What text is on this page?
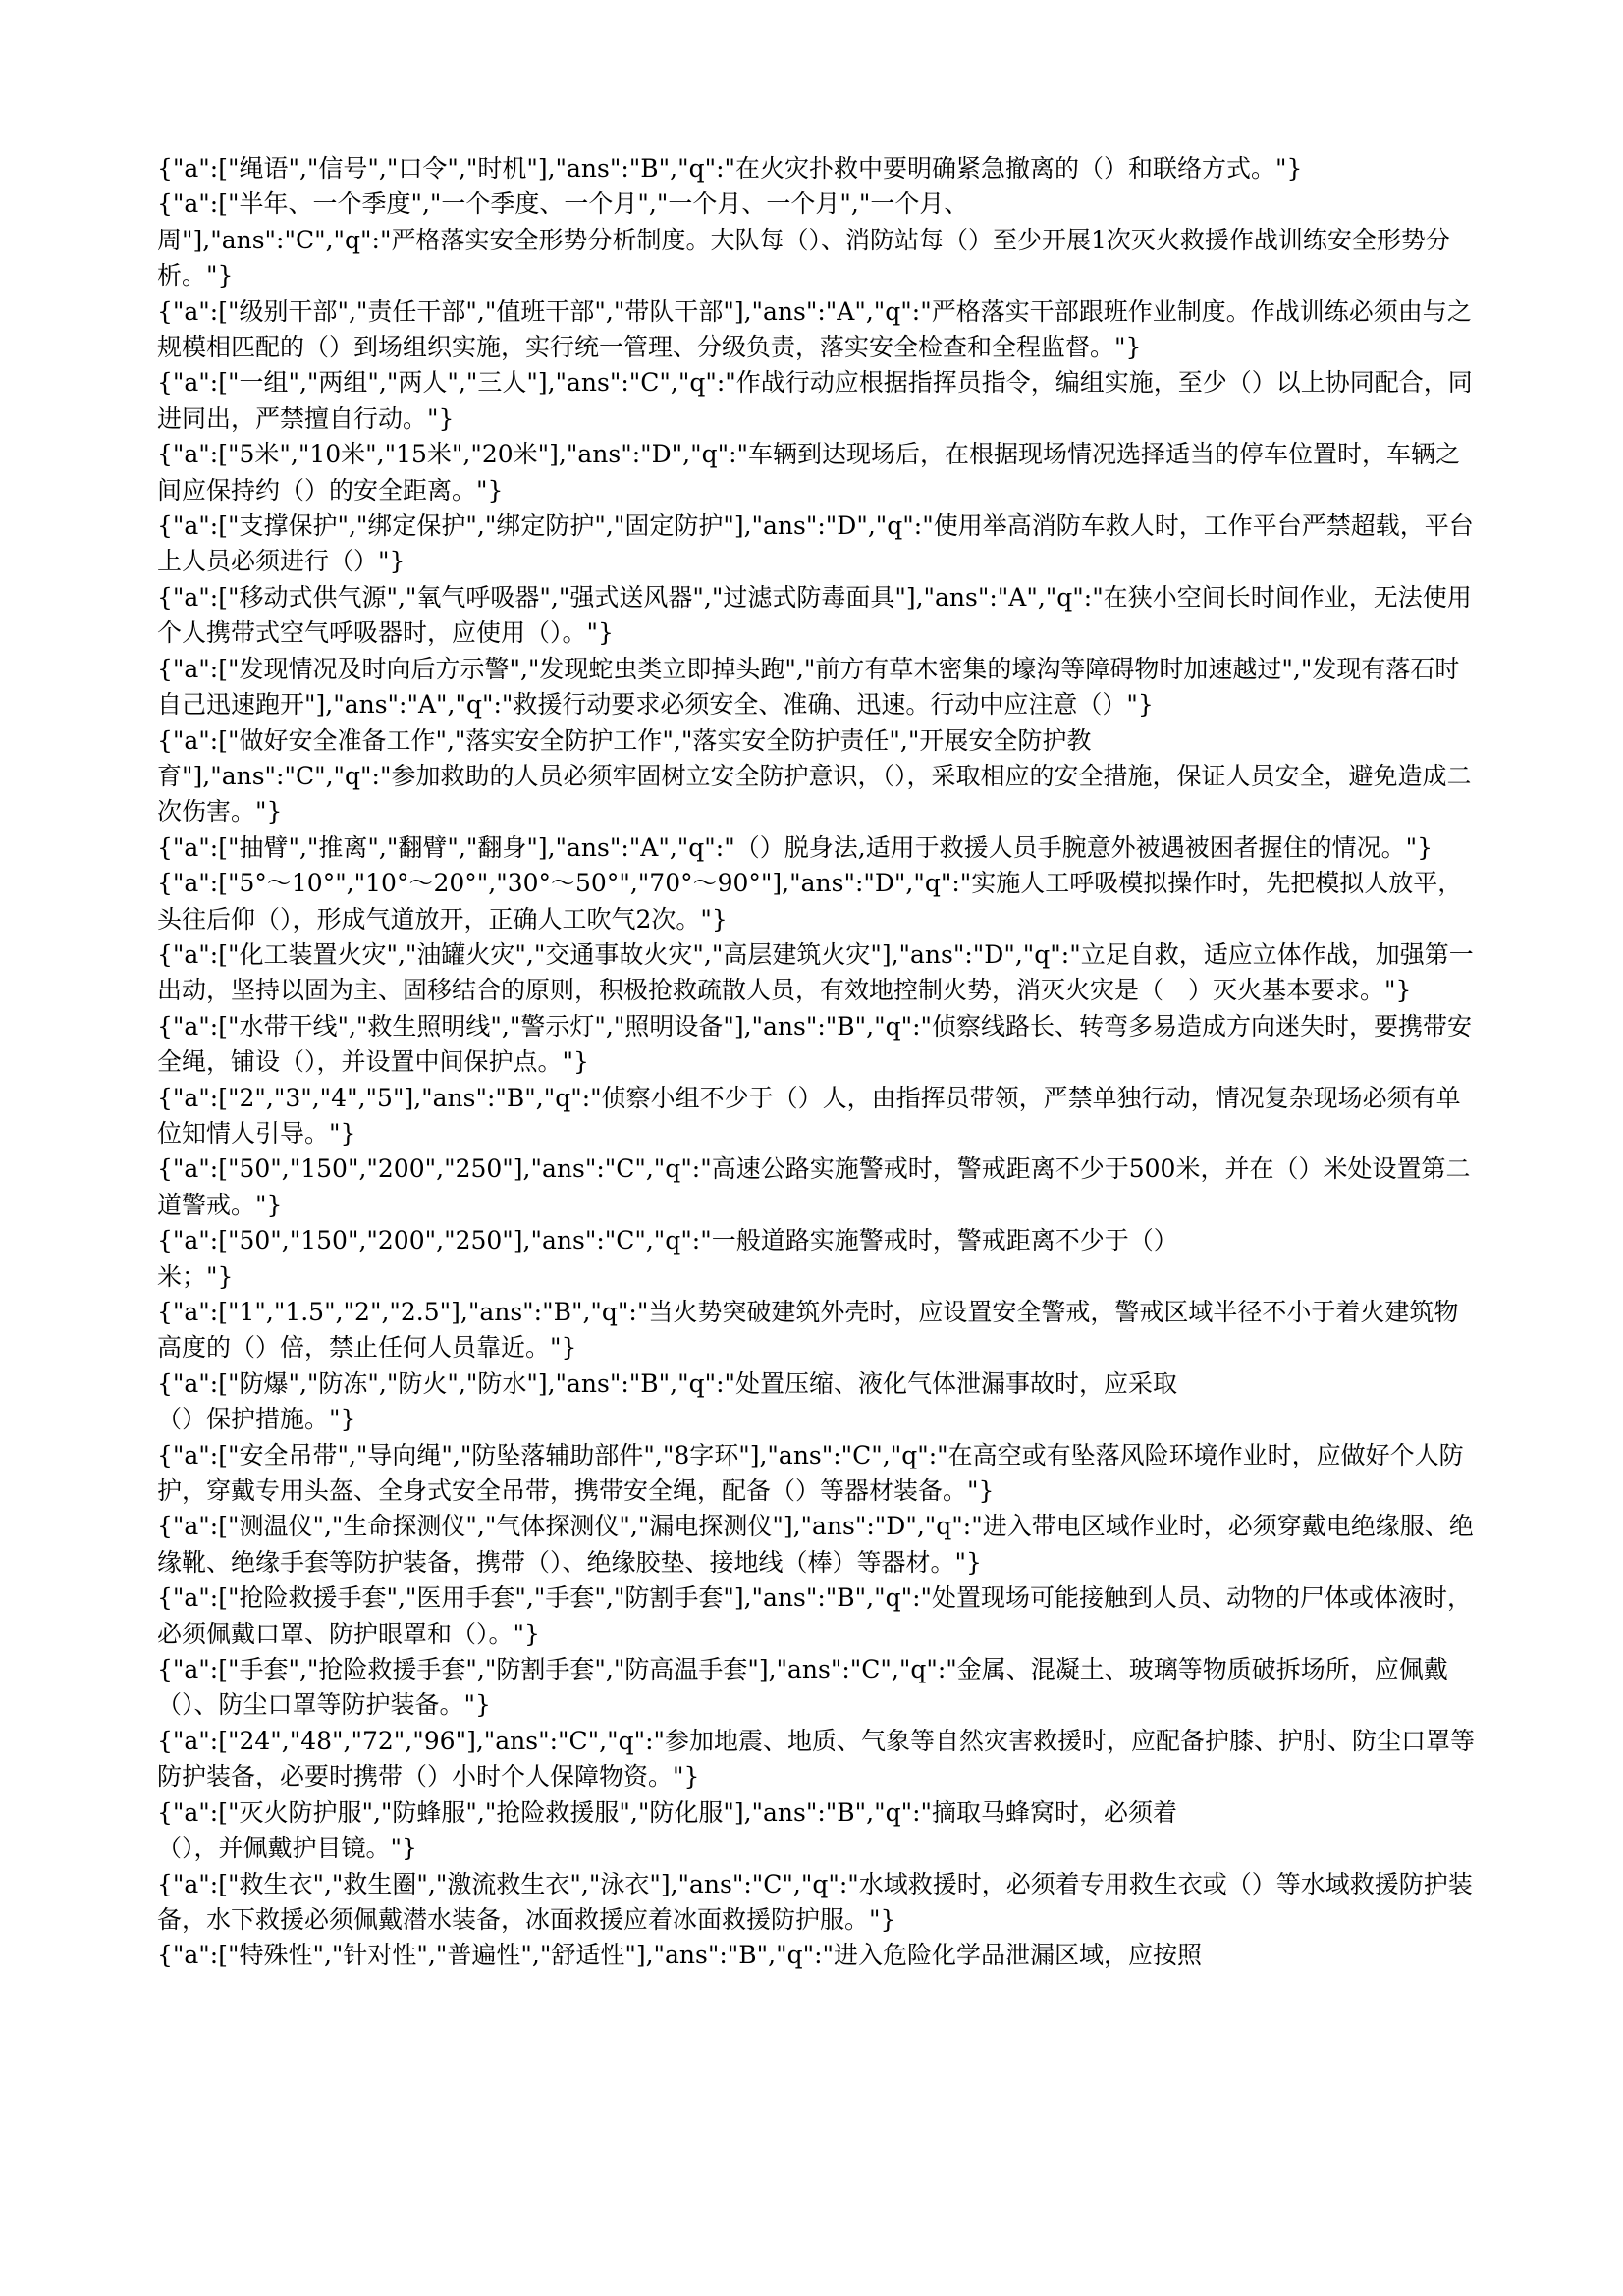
{"a":["绳语","信号","口令","时机"],"ans":"B","q":"在火灾扑救中要明确紧急撤离的（）和联络方式。"}

{"a":["半年、一个季度","一个季度、一个月","一个月、一个月","一个月、
周"],"ans":"C","q":"严格落实安全形势分析制度。大队每（）、消防站每（）至少开展1次灭火救援作战训练安全形势分析。"}

{"a":["级别干部","责任干部","值班干部","带队干部"],"ans":"A","q":"严格落实干部跟班作业制度。作战训练必须由与之规模相匹配的（）到场组织实施，实行统一管理、分级负责，落实安全检查和全程监督。"}

{"a":["一组","两组","两人","三人"],"ans":"C","q":"作战行动应根据指挥员指令，编组实施，至少（）以上协同配合，同进同出，严禁擅自行动。"}

{"a":["5米","10米","15米","20米"],"ans":"D","q":"车辆到达现场后，在根据现场情况选择适当的停车位置时，车辆之间应保持约（）的安全距离。"}

{"a":["支撑保护","绑定保护","绑定防护","固定防护"],"ans":"D","q":"使用举高消防车救人时，工作平台严禁超载，平台上人员必须进行（）"}

{"a":["移动式供气源","氧气呼吸器","强式送风器","过滤式防毒面具"],"ans":"A","q":"在狭小空间长时间作业，无法使用个人携带式空气呼吸器时，应使用（）。"}

{"a":["发现情况及时向后方示警","发现蛇虫类立即掉头跑","前方有草木密集的壕沟等障碍物时加速越过","发现有落石时自己迅速跑开"],"ans":"A","q":"救援行动要求必须安全、准确、迅速。行动中应注意（）"}

{"a":["做好安全准备工作","落实安全防护工作","落实安全防护责任","开展安全防护教
育"],"ans":"C","q":"参加救助的人员必须牢固树立安全防护意识，（），采取相应的安全措施，保证人员安全，避免造成二次伤害。"}

{"a":["抽臂","推离","翻臂","翻身"],"ans":"A","q":"（）脱身法,适用于救援人员手腕意外被遇被困者握住的情况。"}

{"a":["5°～10°","10°～20°","30°～50°","70°～90°"],"ans":"D","q":"实施人工呼吸模拟操作时，先把模拟人放平，头往后仰（），形成气道放开，正确人工吹气2次。"}

{"a":["化工装置火灾","油罐火灾","交通事故火灾","高层建筑火灾"],"ans":"D","q":"立足自救，适应立体作战，加强第一出动，坚持以固为主、固移结合的原则，积极抢救疏散人员，有效地控制火势，消灭火灾是（　）灭火基本要求。"}

{"a":["水带干线","救生照明线","警示灯","照明设备"],"ans":"B","q":"侦察线路长、转弯多易造成方向迷失时，要携带安全绳，铺设（），并设置中间保护点。"}

{"a":["2","3","4","5"],"ans":"B","q":"侦察小组不少于（）人，由指挥员带领，严禁单独行动，情况复杂现场必须有单位知情人引导。"}

{"a":["50","150","200","250"],"ans":"C","q":"高速公路实施警戒时，警戒距离不少于500米，并在（）米处设置第二道警戒。"}

{"a":["50","150","200","250"],"ans":"C","q":"一般道路实施警戒时，警戒距离不少于（）
米；"}

{"a":["1","1.5","2","2.5"],"ans":"B","q":"当火势突破建筑外壳时，应设置安全警戒，警戒区域半径不小于着火建筑物高度的（）倍，禁止任何人员靠近。"}

{"a":["防爆","防冻","防火","防水"],"ans":"B","q":"处置压缩、液化气体泄漏事故时，应采取
（）保护措施。"}

{"a":["安全吊带","导向绳","防坠落辅助部件","8字环"],"ans":"C","q":"在高空或有坠落风险环境作业时，应做好个人防护，穿戴专用头盔、全身式安全吊带，携带安全绳，配备（）等器材装备。"}

{"a":["测温仪","生命探测仪","气体探测仪","漏电探测仪"],"ans":"D","q":"进入带电区域作业时，必须穿戴电绝缘服、绝缘靴、绝缘手套等防护装备，携带（）、绝缘胶垫、接地线（棒）等器材。"}

{"a":["抢险救援手套","医用手套","手套","防割手套"],"ans":"B","q":"处置现场可能接触到人员、动物的尸体或体液时，必须佩戴口罩、防护眼罩和（）。"}

{"a":["手套","抢险救援手套","防割手套","防高温手套"],"ans":"C","q":"金属、混凝土、玻璃等物质破拆场所，应佩戴（）、防尘口罩等防护装备。"}

{"a":["24","48","72","96"],"ans":"C","q":"参加地震、地质、气象等自然灾害救援时，应配备护膝、护肘、防尘口罩等防护装备，必要时携带（）小时个人保障物资。"}

{"a":["灭火防护服","防蜂服","抢险救援服","防化服"],"ans":"B","q":"摘取马蜂窝时，必须着
（），并佩戴护目镜。"}

{"a":["救生衣","救生圈","激流救生衣","泳衣"],"ans":"C","q":"水域救援时，必须着专用救生衣或（）等水域救援防护装备，水下救援必须佩戴潜水装备，冰面救援应着冰面救援防护服。"}

{"a":["特殊性","针对性","普遍性","舒适性"],"ans":"B","q":"进入危险化学品泄漏区域，应按照
